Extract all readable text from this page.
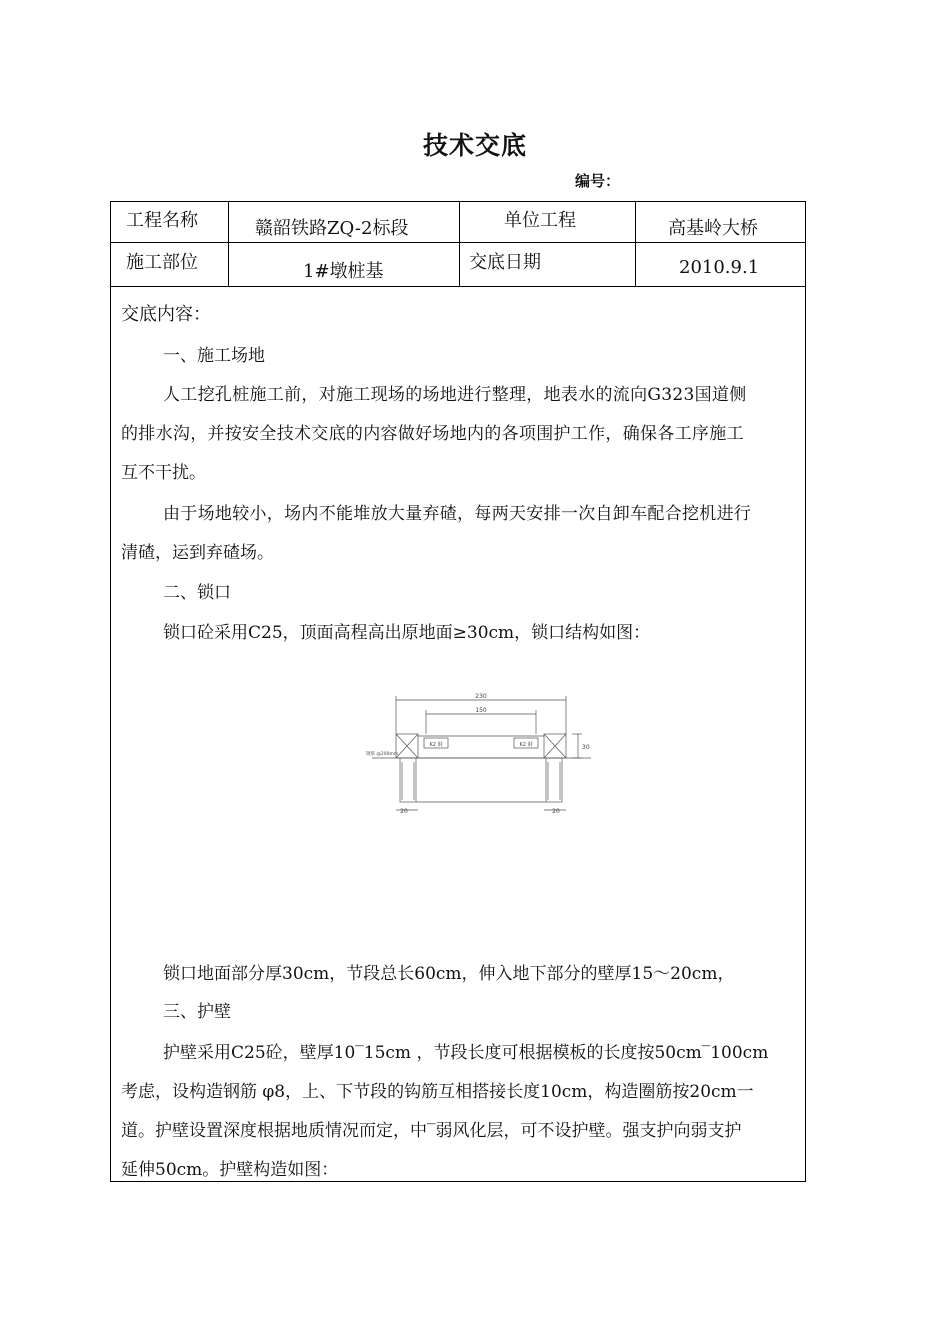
技术交底
编号：
工程名称	赣韶铁路ZQ-2标段	单位工程	高基岭大桥
施工部位	1#墩桩基	交底日期	2010.9.1
交底内容：
一、施工场地
人工挖孔桩施工前，对施工现场的场地进行整理，地表水的流向G323国道侧
的排水沟，并按安全技术交底的内容做好场地内的各项围护工作，确保各工序施工
互不干扰。
由于场地较小，场内不能堆放大量弃碴，每两天安排一次自卸车配合挖机进行
清碴，运到弃碴场。
二、锁口
锁口砼采用C25，顶面高程高出原地面≥30cm，锁口结构如图：
锁口地面部分厚30cm，节段总长60cm，伸入地下部分的壁厚15～20cm，
三、护壁
护壁采用C25砼，壁厚10‾15cm ，节段长度可根据模板的长度按50cm‾100cm
考虑，设构造钢筋 φ8，上、下节段的钩筋互相搭接长度10cm，构造圈筋按20cm一
道。护壁设置深度根据地质情况而定，中‾弱风化层，可不设护壁。强支护向弱支护
延伸50cm。护壁构造如图：
230
150
30
20	20
K2 钢	K2 钢
钢筋 @200mm
